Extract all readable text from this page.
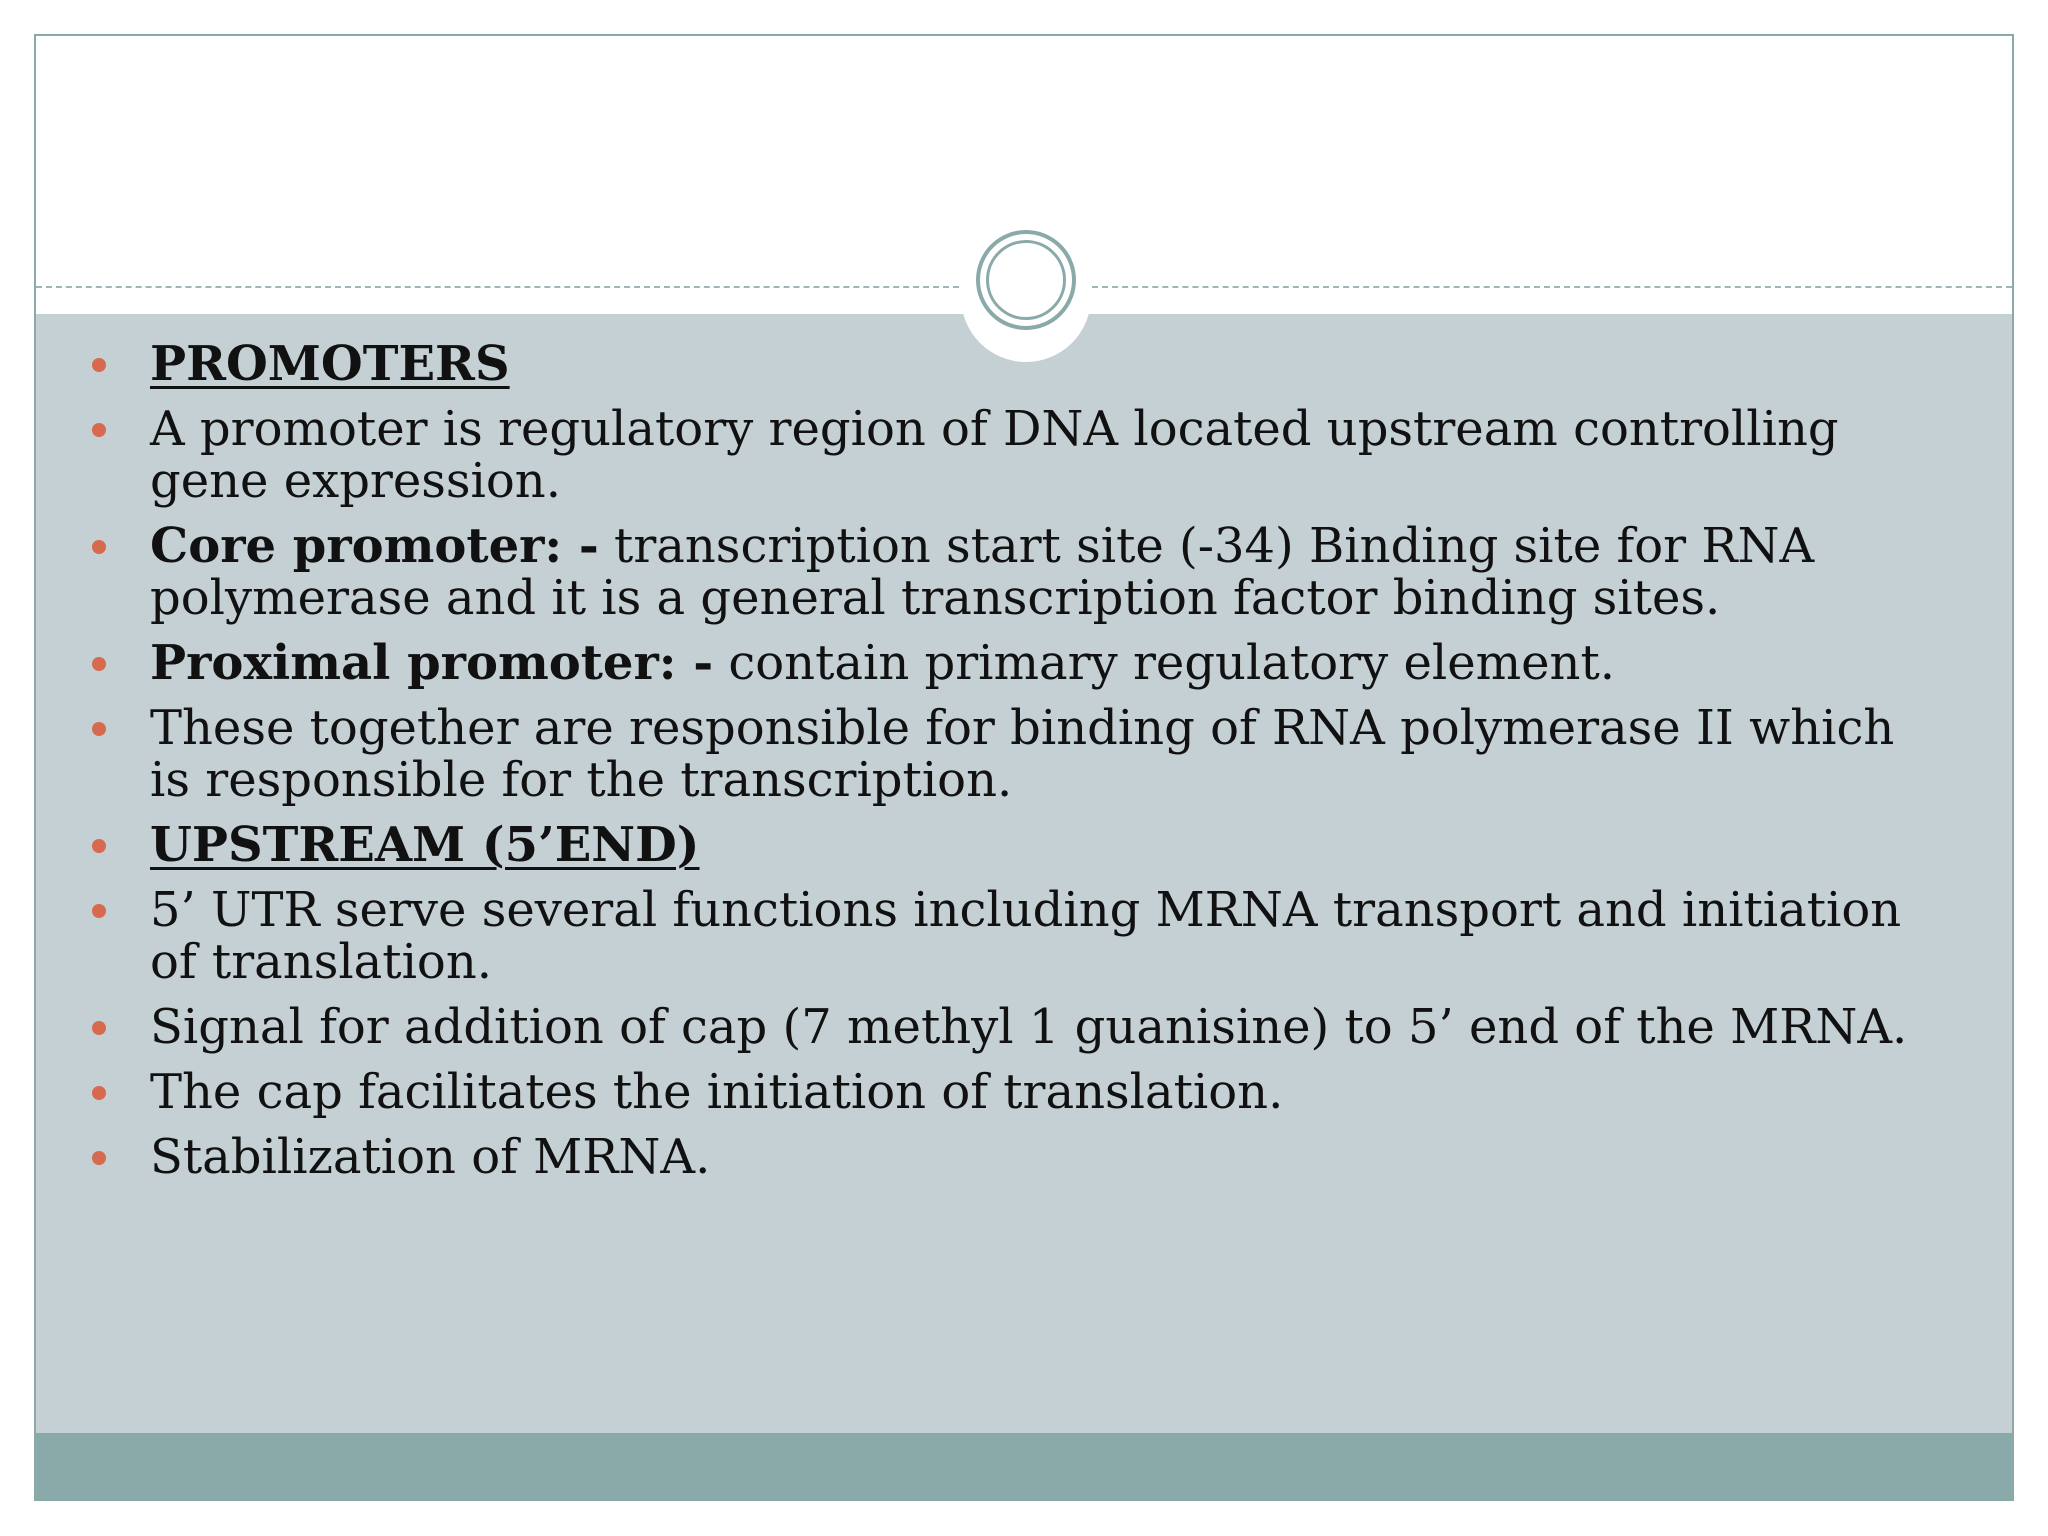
PROMOTERS
A promoter is regulatory region of DNA located upstream controlling gene expression.
Core promoter: - transcription start site (-34) Binding site for RNA polymerase and it is a general transcription factor binding sites.
Proximal promoter: - contain primary regulatory element.
These together are responsible for binding of RNA polymerase II which is responsible for the transcription.
UPSTREAM (5’END)
5’ UTR serve several functions including MRNA transport and initiation of translation.
Signal for addition of cap (7 methyl 1 guanisine) to 5’ end of the MRNA.
The cap facilitates the initiation of translation.
Stabilization of MRNA.
